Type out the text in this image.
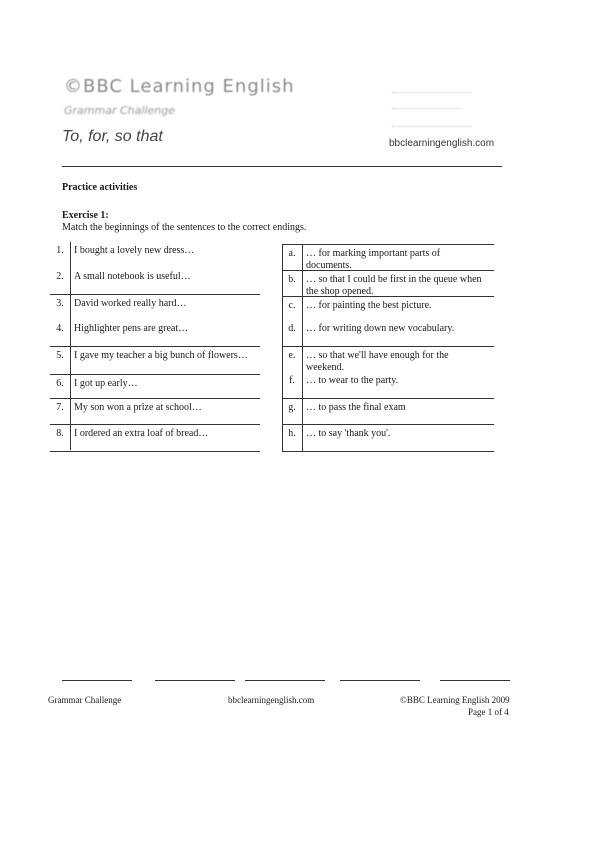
©BBC Learning English
Grammar Challenge
To, for, so that	bbclearningenglish.com
Practice activities
Exercise 1:
Match the beginnings of the sentences to the correct endings.
1.	I bought a lovely new dress…
2.	A small notebook is useful…
3.	David worked really hard…
4.	Highlighter pens are great…
5.	I gave my teacher a big bunch of flowers…
6.	I got up early…
7.	My son won a prize at school…
8.	I ordered an extra loaf of bread…
a.	… for marking important parts of documents.
b.	… so that I could be first in the queue when the shop opened.
c.	… for painting the best picture.
d.	… for writing down new vocabulary.
e.	… so that we'll have enough for the weekend.
f.	… to wear to the party.
g.	… to pass the final exam
h.	… to say 'thank you'.
Grammar Challenge	bbclearningenglish.com	©BBC Learning English 2009
Page 1 of 4
